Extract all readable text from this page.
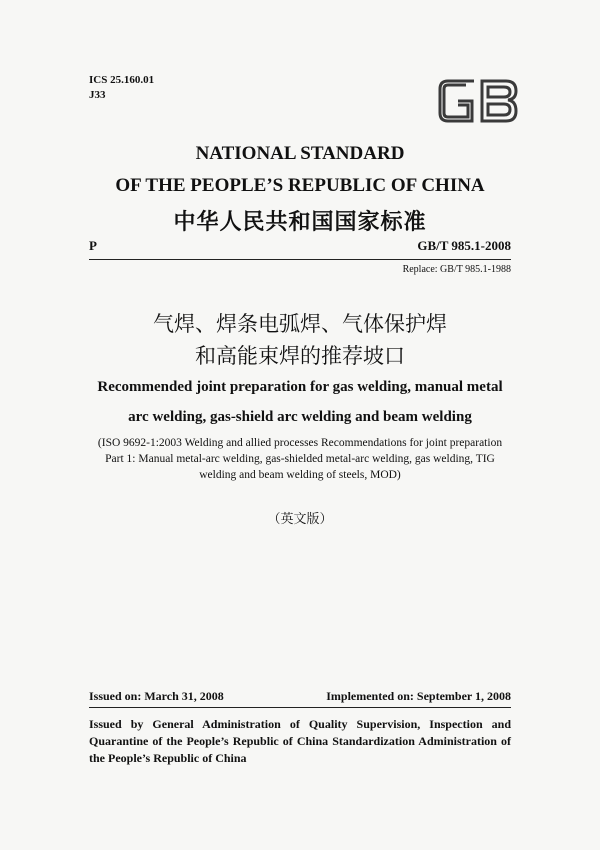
ICS 25.160.01
J33
GB
NATIONAL STANDARD
OF THE PEOPLE’S REPUBLIC OF CHINA
中华人民共和国国家标准
P	GB/T 985.1-2008
Replace: GB/T 985.1-1988
气焊、焊条电弧焊、气体保护焊
和高能束焊的推荐坡口
Recommended joint preparation for gas welding, manual metal
arc welding, gas-shield arc welding and beam welding
(ISO 9692-1:2003 Welding and allied processes Recommendations for joint preparation Part 1: Manual metal-arc welding, gas-shielded metal-arc welding, gas welding, TIG welding and beam welding of steels, MOD)
（英文版）
Issued on: March 31, 2008	Implemented on: September 1, 2008
Issued by General Administration of Quality Supervision, Inspection and Quarantine of the People’s Republic of China Standardization Administration of the People’s Republic of China
